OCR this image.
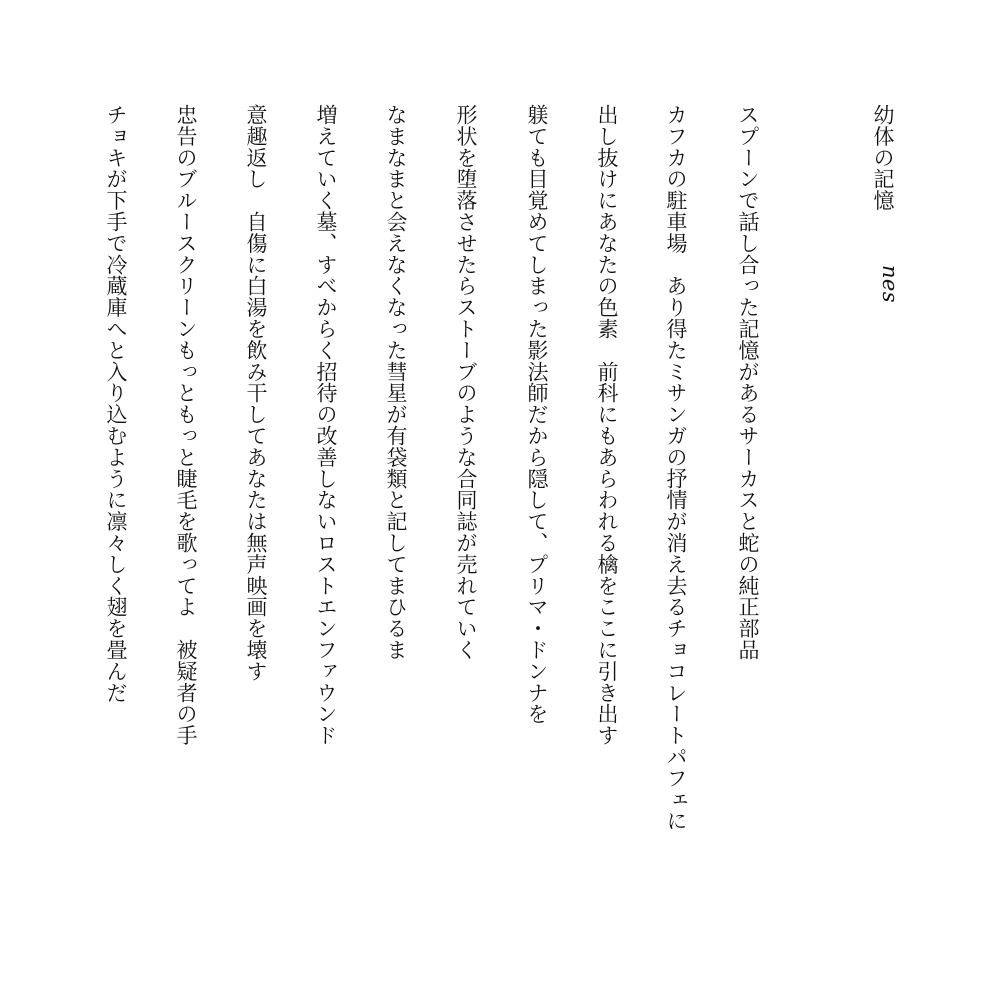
幼体の記憶 nes
スプーンで話し合った記憶があるサーカスと蛇の純正部品
カフカの駐車場　あり得たミサンガの抒情が消え去るチョコレートパフェに
出し抜けにあなたの色素　前科にもあらわれる檎をここに引き出す
躾ても目覚めてしまった影法師だから隠して、プリマ・ドンナを
形状を堕落させたらストーブのような合同誌が売れていく
なまなまと会えなくなった彗星が有袋類と記してまひるま
増えていく墓、すべからく招待の改善しないロストエンファウンド
意趣返し　自傷に白湯を飲み干してあなたは無声映画を壊す
忠告のブルースクリーンもっともっと睫毛を歌ってよ　被疑者の手
チョキが下手で冷蔵庫へと入り込むように凛々しく翅を畳んだ
